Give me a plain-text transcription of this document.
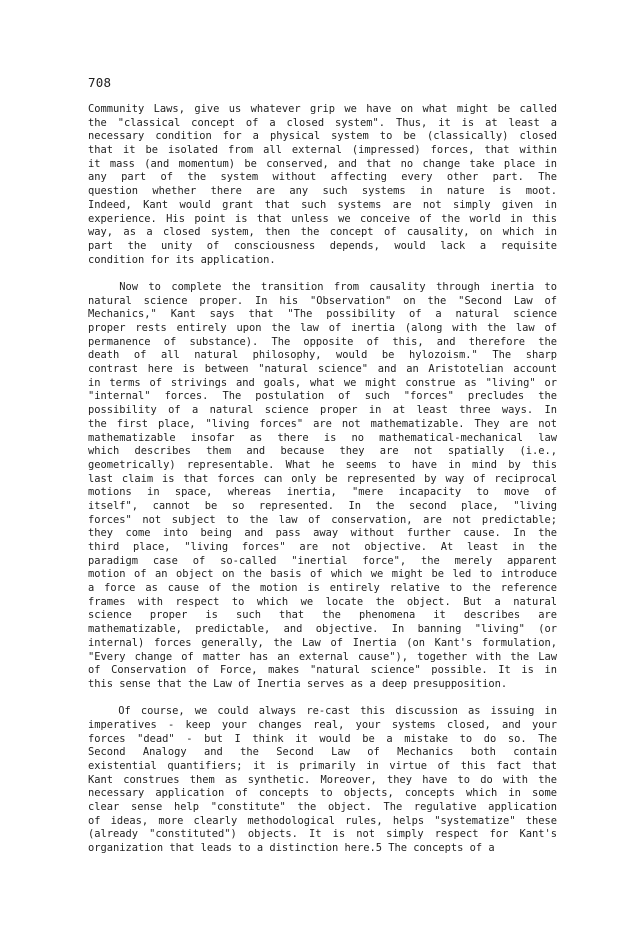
708
Community Laws, give us whatever grip we have on what might be called
the "classical concept of a closed system". Thus, it is at least a
necessary condition for a physical system to be (classically) closed
that it be isolated from all external (impressed) forces, that within
it mass (and momentum) be conserved, and that no change take place in
any part of the system without affecting every other part. The
question whether there are any such systems in nature is moot.
Indeed, Kant would grant that such systems are not simply given in
experience. His point is that unless we conceive of the world in this
way, as a closed system, then the concept of causality, on which in
part the unity of consciousness depends, would lack a requisite
condition for its application.
Now to complete the transition from causality through inertia to
natural science proper. In his "Observation" on the "Second Law of
Mechanics," Kant says that "The possibility of a natural science
proper rests entirely upon the law of inertia (along with the law of
permanence of substance). The opposite of this, and therefore the
death of all natural philosophy, would be hylozoism." The sharp
contrast here is between "natural science" and an Aristotelian account
in terms of strivings and goals, what we might construe as "living" or
"internal" forces. The postulation of such "forces" precludes the
possibility of a natural science proper in at least three ways. In
the first place, "living forces" are not mathematizable. They are not
mathematizable insofar as there is no mathematical-mechanical law
which describes them and because they are not spatially (i.e.,
geometrically) representable. What he seems to have in mind by this
last claim is that forces can only be represented by way of reciprocal
motions in space, whereas inertia, "mere incapacity to move of
itself", cannot be so represented. In the second place, "living
forces" not subject to the law of conservation, are not predictable;
they come into being and pass away without further cause. In the
third place, "living forces" are not objective. At least in the
paradigm case of so-called "inertial force", the merely apparent
motion of an object on the basis of which we might be led to introduce
a force as cause of the motion is entirely relative to the reference
frames with respect to which we locate the object. But a natural
science proper is such that the phenomena it describes are
mathematizable, predictable, and objective. In banning "living" (or
internal) forces generally, the Law of Inertia (on Kant's formulation,
"Every change of matter has an external cause"), together with the Law
of Conservation of Force, makes "natural science" possible. It is in
this sense that the Law of Inertia serves as a deep presupposition.
Of course, we could always re-cast this discussion as issuing in
imperatives - keep your changes real, your systems closed, and your
forces "dead" - but I think it would be a mistake to do so. The
Second Analogy and the Second Law of Mechanics both contain
existential quantifiers; it is primarily in virtue of this fact that
Kant construes them as synthetic. Moreover, they have to do with the
necessary application of concepts to objects, concepts which in some
clear sense help "constitute" the object. The regulative application
of ideas, more clearly methodological rules, helps "systematize" these
(already "constituted") objects. It is not simply respect for Kant's
organization that leads to a distinction here.5 The concepts of a
